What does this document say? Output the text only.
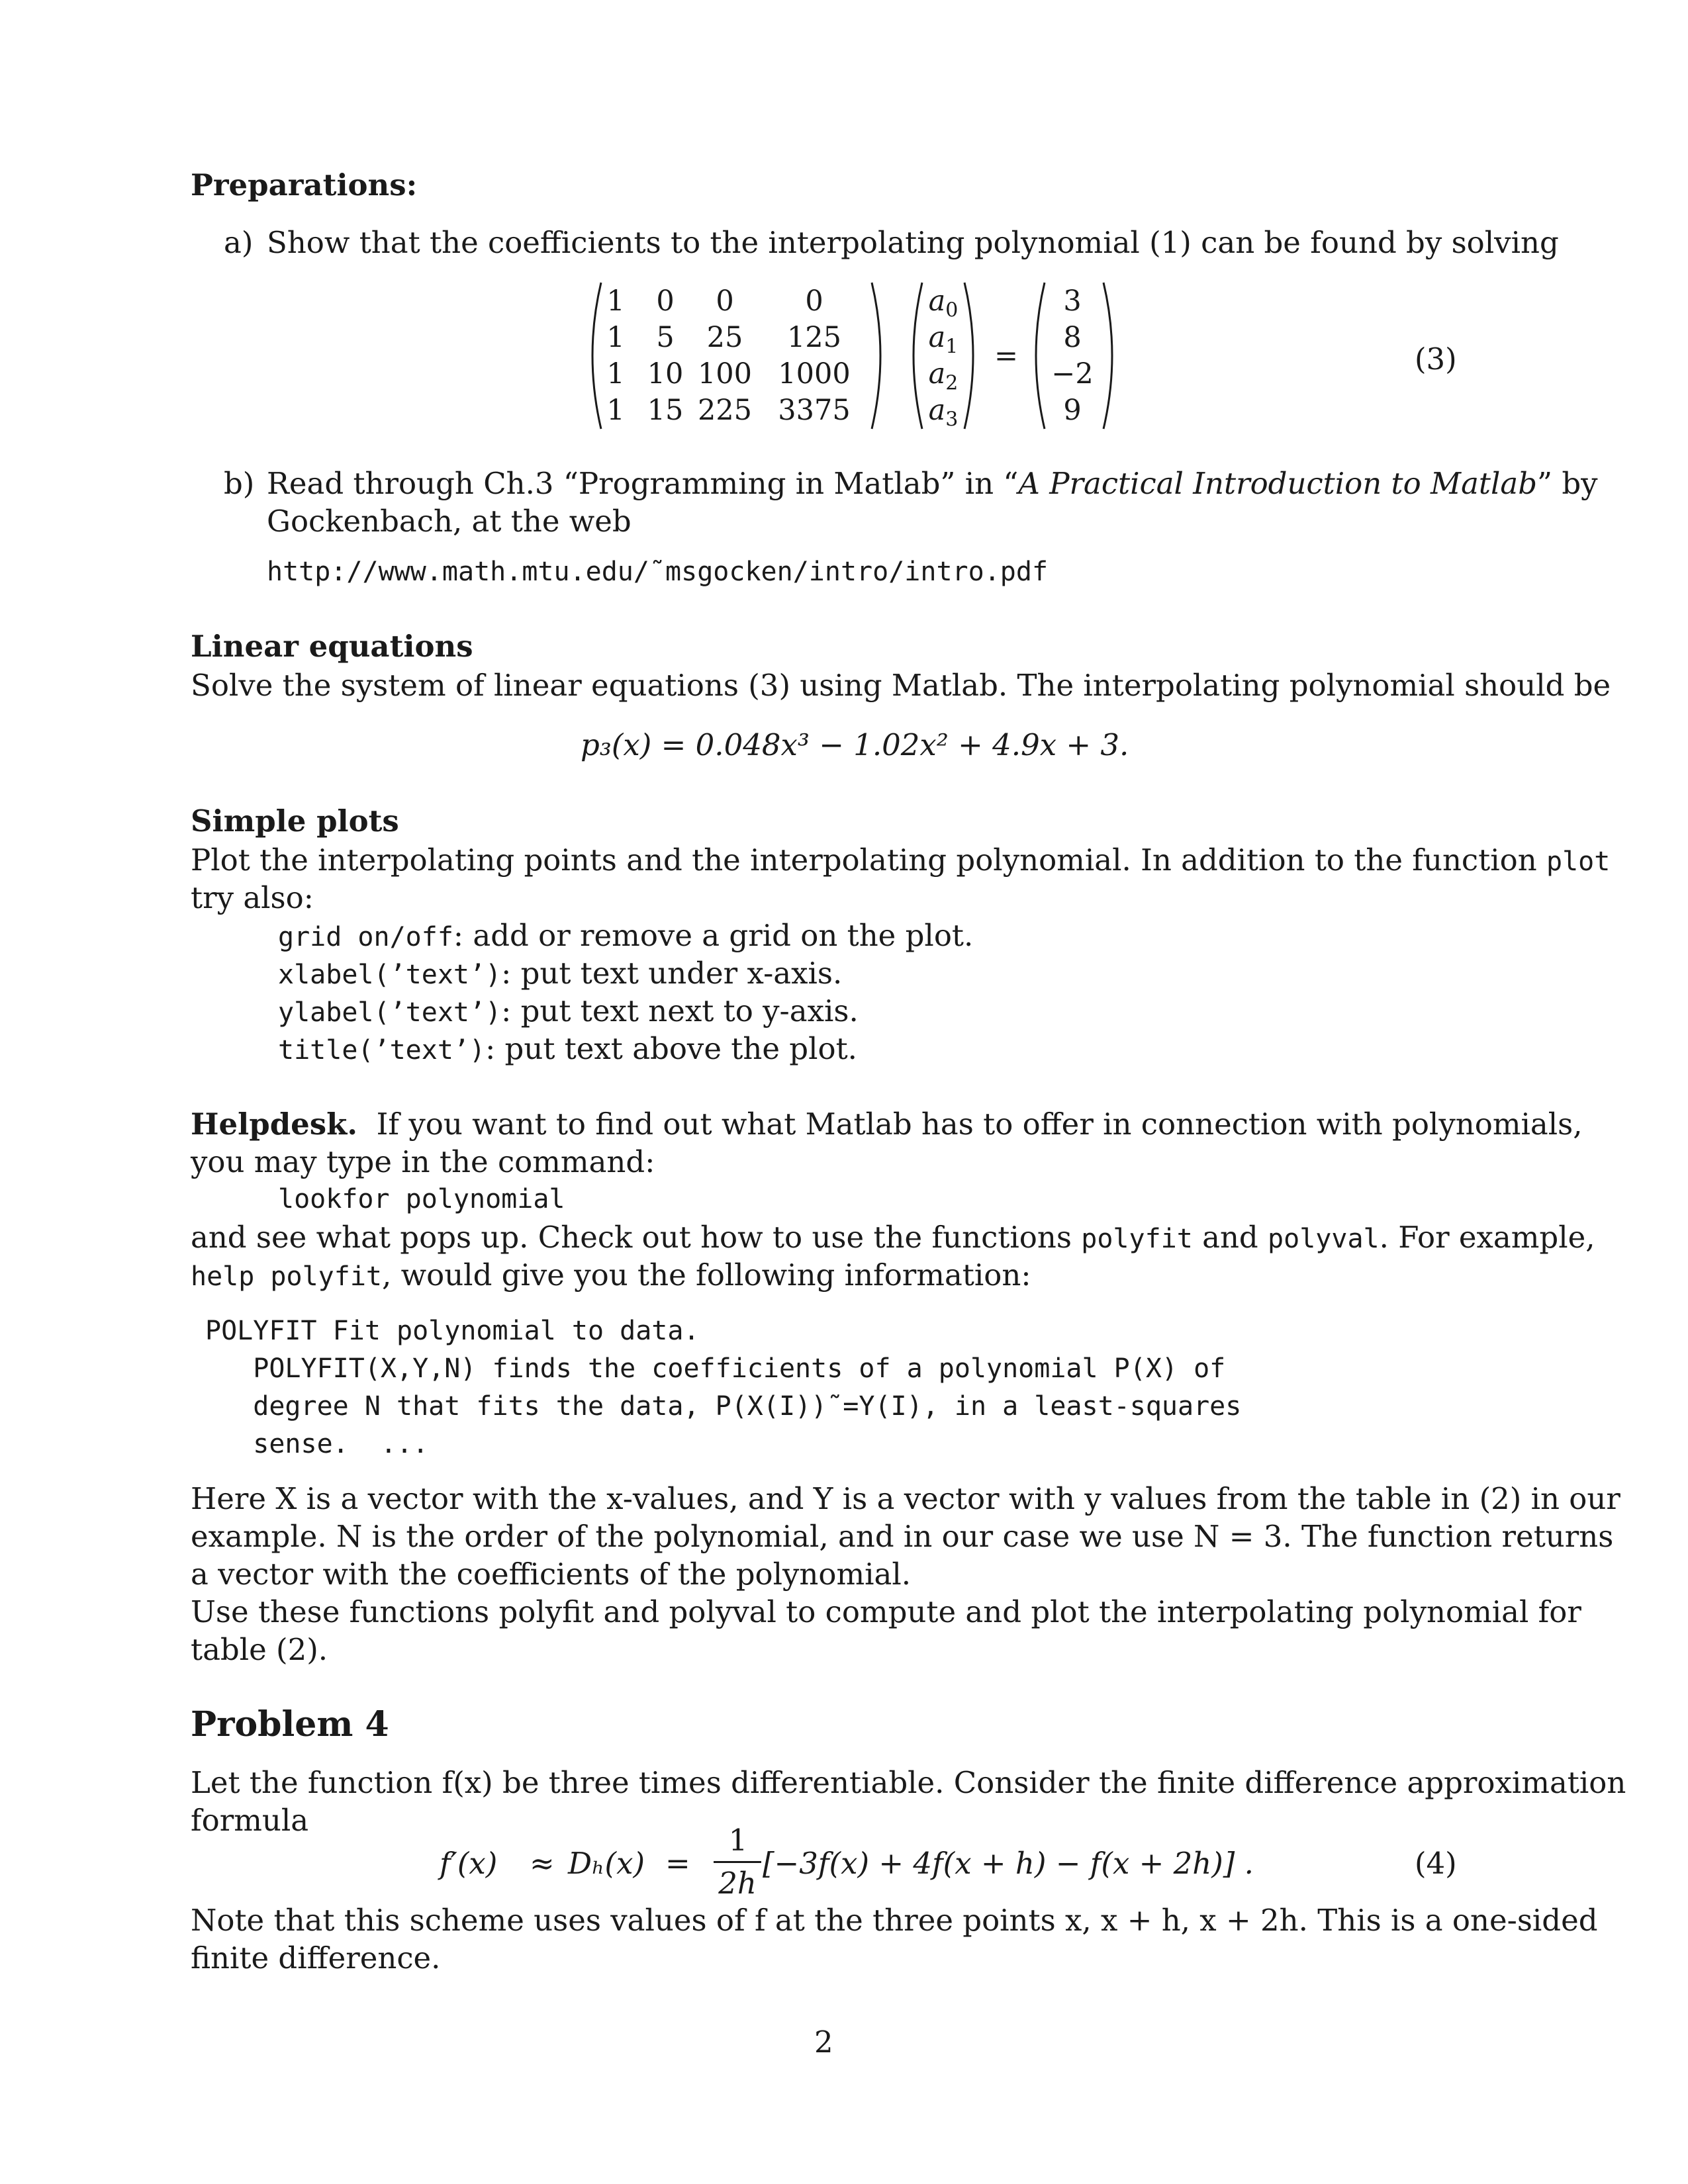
Preparations:
a) Show that the coefficients to the interpolating polynomial (1) can be found by solving
1	0	0	0
1	5	25	125
1 10 100 1000
1 15 225 3375
$a_0$
$a_1$
$a_2$
$a_3$
=
3
8
−2
9
(3)
b) Read through Ch.3 “Programming in Matlab” in “A Practical Introduction to Matlab” by
Gockenbach, at the web
http://www.math.mtu.edu/˜msgocken/intro/intro.pdf
Linear equations
Solve the system of linear equations (3) using Matlab. The interpolating polynomial should be
p₃(x) = 0.048x³ − 1.02x² + 4.9x + 3.
Simple plots
Plot the interpolating points and the interpolating polynomial. In addition to the function plot
try also:
grid on/off: add or remove a grid on the plot.
xlabel(’text’): put text under x-axis.
ylabel(’text’): put text next to y-axis.
title(’text’): put text above the plot.
Helpdesk. If you want to find out what Matlab has to offer in connection with polynomials,
you may type in the command:
lookfor polynomial
and see what pops up. Check out how to use the functions polyfit and polyval. For example,
help polyfit, would give you the following information:
POLYFIT Fit polynomial to data.
POLYFIT(X,Y,N) finds the coefficients of a polynomial P(X) of
degree N that fits the data, P(X(I))˜=Y(I), in a least-squares
sense.  ...
Here X is a vector with the x-values, and Y is a vector with y values from the table in (2) in our
example. N is the order of the polynomial, and in our case we use N = 3. The function returns
a vector with the coefficients of the polynomial.
Use these functions polyfit and polyval to compute and plot the interpolating polynomial for
table (2).
Problem 4
Let the function f(x) be three times differentiable. Consider the finite difference approximation
formula
f′(x) ≈ Dₕ(x) =
1
2h
[−3f(x) + 4f(x + h) − f(x + 2h)] .	(4)
Note that this scheme uses values of f at the three points x, x + h, x + 2h. This is a one-sided
finite difference.
2
